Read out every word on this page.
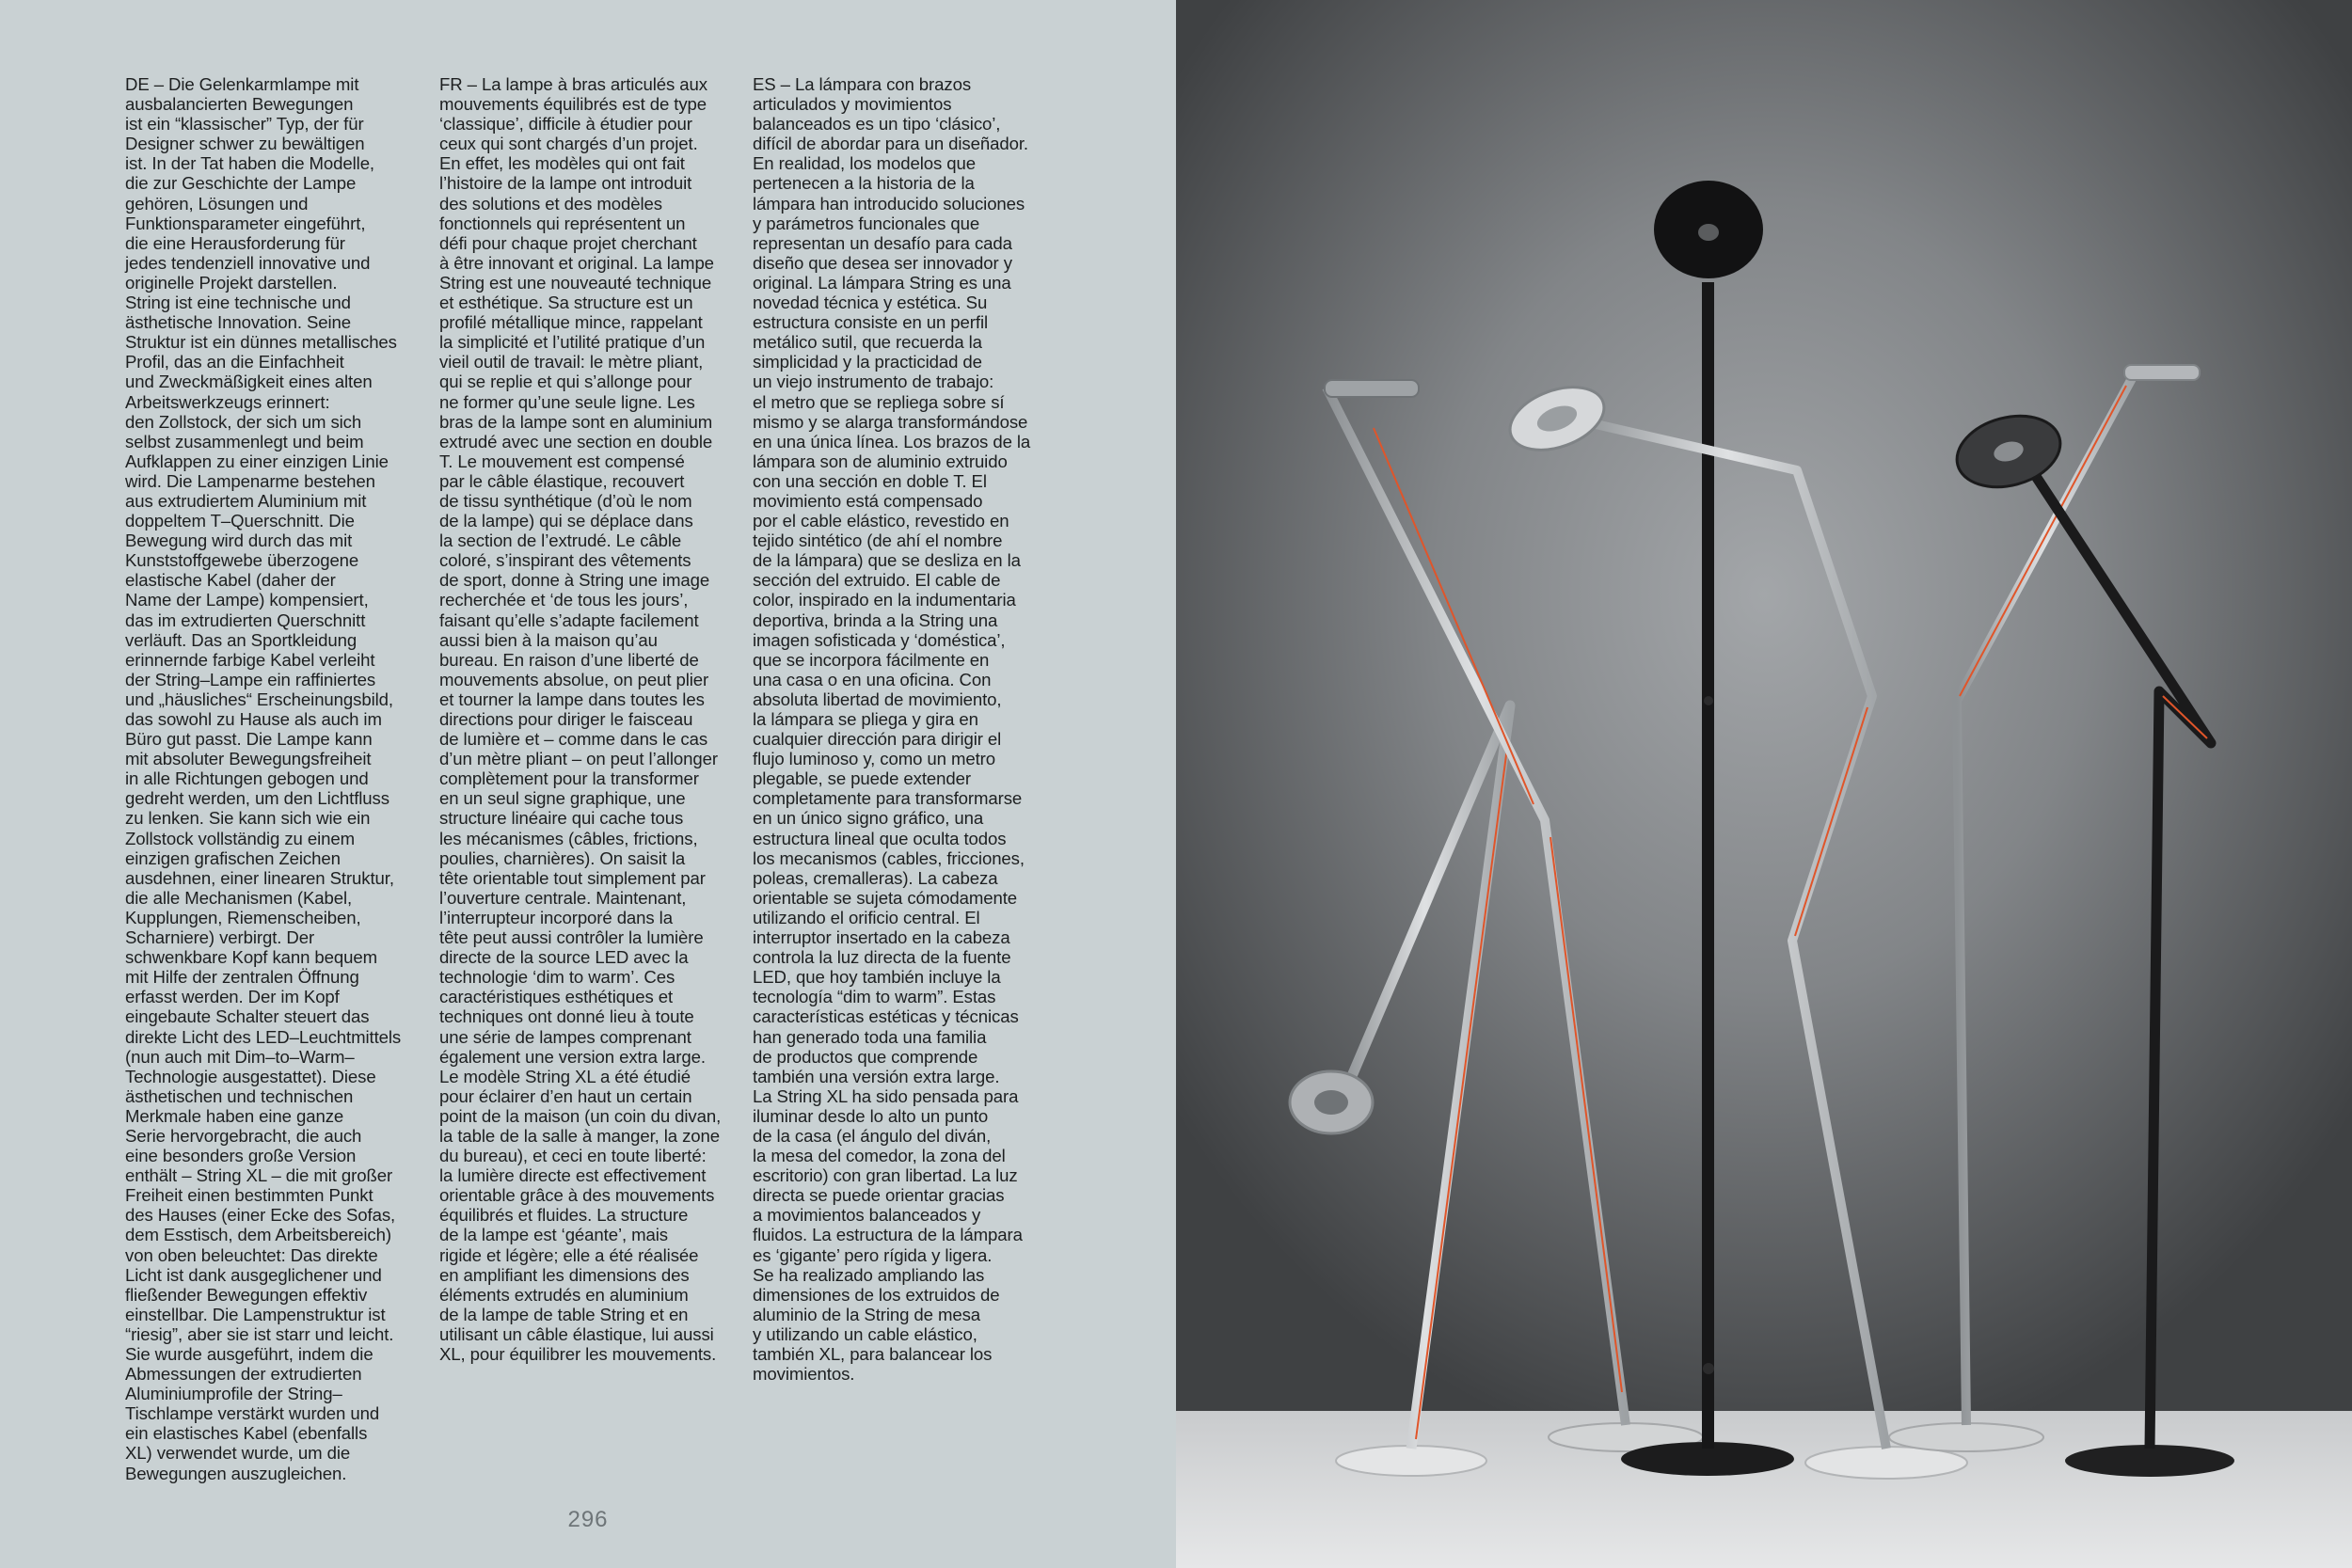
DE – Die Gelenkarmlampe mit
ausbalancierten Bewegungen
ist ein “klassischer” Typ, der für
Designer schwer zu bewältigen
ist. In der Tat haben die Modelle,
die zur Geschichte der Lampe
gehören, Lösungen und
Funktionsparameter eingeführt,
die eine Herausforderung für
jedes tendenziell innovative und
originelle Projekt darstellen.
String ist eine technische und
ästhetische Innovation. Seine
Struktur ist ein dünnes metallisches
Profil, das an die Einfachheit
und Zweckmäßigkeit eines alten
Arbeitswerkzeugs erinnert:
den Zollstock, der sich um sich
selbst zusammenlegt und beim
Aufklappen zu einer einzigen Linie
wird. Die Lampenarme bestehen
aus extrudiertem Aluminium mit
doppeltem T–Querschnitt. Die
Bewegung wird durch das mit
Kunststoffgewebe überzogene
elastische Kabel (daher der
Name der Lampe) kompensiert,
das im extrudierten Querschnitt
verläuft. Das an Sportkleidung
erinnernde farbige Kabel verleiht
der String–Lampe ein raffiniertes
und „häusliches“ Erscheinungsbild,
das sowohl zu Hause als auch im
Büro gut passt. Die Lampe kann
mit absoluter Bewegungsfreiheit
in alle Richtungen gebogen und
gedreht werden, um den Lichtfluss
zu lenken. Sie kann sich wie ein
Zollstock vollständig zu einem
einzigen grafischen Zeichen
ausdehnen, einer linearen Struktur,
die alle Mechanismen (Kabel,
Kupplungen, Riemenscheiben,
Scharniere) verbirgt. Der
schwenkbare Kopf kann bequem
mit Hilfe der zentralen Öffnung
erfasst werden. Der im Kopf
eingebaute Schalter steuert das
direkte Licht des LED–Leuchtmittels
(nun auch mit Dim–to–Warm–
Technologie ausgestattet). Diese
ästhetischen und technischen
Merkmale haben eine ganze
Serie hervorgebracht, die auch
eine besonders große Version
enthält – String XL – die mit großer
Freiheit einen bestimmten Punkt
des Hauses (einer Ecke des Sofas,
dem Esstisch, dem Arbeitsbereich)
von oben beleuchtet: Das direkte
Licht ist dank ausgeglichener und
fließender Bewegungen effektiv
einstellbar. Die Lampenstruktur ist
“riesig”, aber sie ist starr und leicht.
Sie wurde ausgeführt, indem die
Abmessungen der extrudierten
Aluminiumprofile der String–
Tischlampe verstärkt wurden und
ein elastisches Kabel (ebenfalls
XL) verwendet wurde, um die
Bewegungen auszugleichen.
FR – La lampe à bras articulés aux
mouvements équilibrés est de type
‘classique’, difficile à étudier pour
ceux qui sont chargés d’un projet.
En effet, les modèles qui ont fait
l’histoire de la lampe ont introduit
des solutions et des modèles
fonctionnels qui représentent un
défi pour chaque projet cherchant
à être innovant et original. La lampe
String est une nouveauté technique
et esthétique. Sa structure est un
profilé métallique mince, rappelant
la simplicité et l’utilité pratique d’un
vieil outil de travail: le mètre pliant,
qui se replie et qui s’allonge pour
ne former qu’une seule ligne. Les
bras de la lampe sont en aluminium
extrudé avec une section en double
T. Le mouvement est compensé
par le câble élastique, recouvert
de tissu synthétique (d’où le nom
de la lampe) qui se déplace dans
la section de l’extrudé. Le câble
coloré, s’inspirant des vêtements
de sport, donne à String une image
recherchée et ‘de tous les jours’,
faisant qu’elle s’adapte facilement
aussi bien à la maison qu’au
bureau. En raison d’une liberté de
mouvements absolue, on peut plier
et tourner la lampe dans toutes les
directions pour diriger le faisceau
de lumière et – comme dans le cas
d’un mètre pliant – on peut l’allonger
complètement pour la transformer
en un seul signe graphique, une
structure linéaire qui cache tous
les mécanismes (câbles, frictions,
poulies, charnières). On saisit la
tête orientable tout simplement par
l’ouverture centrale. Maintenant,
l’interrupteur incorporé dans la
tête peut aussi contrôler la lumière
directe de la source LED avec la
technologie ‘dim to warm’. Ces
caractéristiques esthétiques et
techniques ont donné lieu à toute
une série de lampes comprenant
également une version extra large.
Le modèle String XL a été étudié
pour éclairer d’en haut un certain
point de la maison (un coin du divan,
la table de la salle à manger, la zone
du bureau), et ceci en toute liberté:
la lumière directe est effectivement
orientable grâce à des mouvements
équilibrés et fluides. La structure
de la lampe est ‘géante’, mais
rigide et légère; elle a été réalisée
en amplifiant les dimensions des
éléments extrudés en aluminium
de la lampe de table String et en
utilisant un câble élastique, lui aussi
XL, pour équilibrer les mouvements.
ES – La lámpara con brazos
articulados y movimientos
balanceados es un tipo ‘clásico’,
difícil de abordar para un diseñador.
En realidad, los modelos que
pertenecen a la historia de la
lámpara han introducido soluciones
y parámetros funcionales que
representan un desafío para cada
diseño que desea ser innovador y
original. La lámpara String es una
novedad técnica y estética. Su
estructura consiste en un perfil
metálico sutil, que recuerda la
simplicidad y la practicidad de
un viejo instrumento de trabajo:
el metro que se repliega sobre sí
mismo y se alarga transformándose
en una única línea. Los brazos de la
lámpara son de aluminio extruido
con una sección en doble T. El
movimiento está compensado
por el cable elástico, revestido en
tejido sintético (de ahí el nombre
de la lámpara) que se desliza en la
sección del extruido. El cable de
color, inspirado en la indumentaria
deportiva, brinda a la String una
imagen sofisticada y ‘doméstica’,
que se incorpora fácilmente en
una casa o en una oficina. Con
absoluta libertad de movimiento,
la lámpara se pliega y gira en
cualquier dirección para dirigir el
flujo luminoso y, como un metro
plegable, se puede extender
completamente para transformarse
en un único signo gráfico, una
estructura lineal que oculta todos
los mecanismos (cables, fricciones,
poleas, cremalleras). La cabeza
orientable se sujeta cómodamente
utilizando el orificio central. El
interruptor insertado en la cabeza
controla la luz directa de la fuente
LED, que hoy también incluye la
tecnología “dim to warm”. Estas
características estéticas y técnicas
han generado toda una familia
de productos que comprende
también una versión extra large.
La String XL ha sido pensada para
iluminar desde lo alto un punto
de la casa (el ángulo del diván,
la mesa del comedor, la zona del
escritorio) con gran libertad. La luz
directa se puede orientar gracias
a movimientos balanceados y
fluidos. La estructura de la lámpara
es ‘gigante’ pero rígida y ligera.
Se ha realizado ampliando las
dimensiones de los extruidos de
aluminio de la String de mesa
y utilizando un cable elástico,
también XL, para balancear los
movimientos.
296
